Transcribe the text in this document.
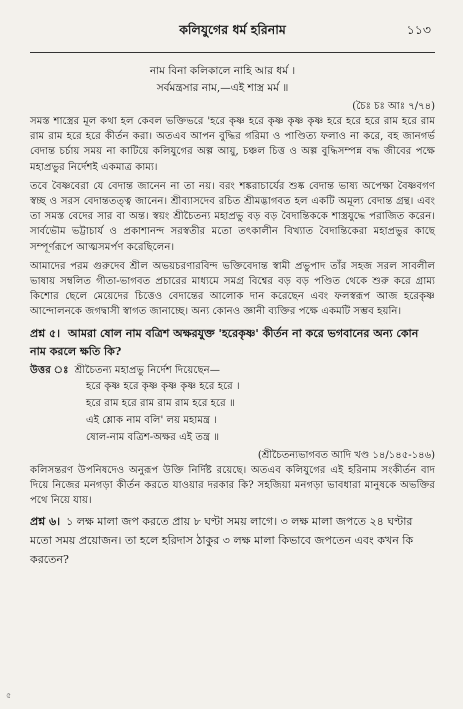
কলিযুগের ধর্ম হরিনাম	১১৩
নাম বিনা কলিকালে নাহি আর ধর্ম ।
সর্বমন্ত্রসার নাম,—এই শাস্ত্র মর্ম ॥
(চৈঃ চঃ আঃ ৭/৭৪)

সমস্ত শাস্ত্রের মূল কথা হল কেবল ভক্তিভরে 'হরে কৃষ্ণ হরে কৃষ্ণ কৃষ্ণ কৃষ্ণ হরে হরে হরে রাম হরে রাম রাম রাম হরে হরে কীর্তন করা। অতএব আপন বুদ্ধির গরিমা ও পাণ্ডিত্য ফলাও না করে, বহ জানগর্ভ বেদান্ত চর্চায় সময় না কাটিয়ে কলিযুগের অল্প আয়ু, চঞ্চল চিত্ত ও অল্প বুদ্ধিসম্পন্ন বদ্ধ জীবের পক্ষে মহাপ্রভুর নির্দেশই একমাত্র কাম্য।

তবে বৈষ্ণবেরা যে বেদান্ত জানেন না তা নয়। বরং শঙ্করাচার্যের শুষ্ক বেদান্ত ভাষ্য অপেক্ষা বৈষ্ণবগণ স্বচ্ছ ও সরস বেদান্ততত্ত্ব জানেন। শ্রীব্যাসদেব রচিত শ্রীমদ্ভাগবত হল একটি অমূল্য বেদান্ত গ্রন্থ। এবং তা সমস্ত বেদের সার বা অন্ত। স্বয়ং শ্রীচৈতন্য মহাপ্রভু বড় বড় বৈদান্তিককে শাস্ত্রযুদ্ধে পরাজিত করেন। সার্বভৌম ভট্টাচার্য ও প্রকাশানন্দ সরস্বতীর মতো তৎকালীন বিখ্যাত বৈদান্তিকেরা মহাপ্রভুর কাছে সম্পূর্ণরূপে আত্মসমর্পণ করেছিলেন।

আমাদের পরম গুরুদেব শ্রীল অভয়চরণারবিন্দ ভক্তিবেদান্ত স্বামী প্রভুপাদ তাঁর সহজ সরল সাবলীল ভাষায় সম্বলিত গীতা-ভাগবত প্রচারের মাধ্যমে সমগ্র বিশ্বের বড় বড় পণ্ডিত থেকে শুরু করে গ্রাম্য কিশোর ছেলে মেয়েদের চিত্তেও বেদান্তের আলোক দান করেছেন এবং ফলস্বরূপ আজ হরেকৃষ্ণ আন্দোলনকে জগদ্বাসী স্বাগত জানাচ্ছে। অন্য কোনও জ্ঞানী ব্যক্তির পক্ষে একমটি সম্ভব হয়নি।

প্রশ্ন ৫। আমরা ষোল নাম বত্রিশ অক্ষরযুক্ত 'হরেকৃষ্ণ' কীর্তন না করে ভগবানের অন্য কোন নাম করলে ক্ষতি কি?
উত্তর ঃ শ্রীচৈতন্য মহাপ্রভু নির্দেশ দিয়েছেন—
হরে কৃষ্ণ হরে কৃষ্ণ কৃষ্ণ কৃষ্ণ হরে হরে ।
হরে রাম হরে রাম রাম রাম হরে হরে ॥
এই শ্লোক নাম বলি' লয় মহামন্ত্র ।
ষোল-নাম বত্রিশ-অক্ষর এই তন্ত্র ॥
(শ্রীচৈতন্যভাগবত আদি খণ্ড ১৪/১৪৫-১৪৬)

কলিসন্তরণ উপনিষদেও অনুরূপ উক্তি নির্দিষ্ট রয়েছে। অতএব কলিযুগের এই হরিনাম সংকীর্তন বাদ দিয়ে নিজের মনগড়া কীর্তন করতে যাওয়ার দরকার কি? সহজিয়া মনগড়া ভাবধারা মানুষকে অভক্তির পথে নিয়ে যায়।

প্রশ্ন ৬। ১ লক্ষ মালা জপ করতে প্রায় ৮ ঘণ্টা সময় লাগে। ৩ লক্ষ মালা জপতে ২৪ ঘণ্টার মতো সময় প্রয়োজন। তা হলে হরিদাস ঠাকুর ৩ লক্ষ মালা কিভাবে জপতেন এবং কখন কি করতেন?
৫
